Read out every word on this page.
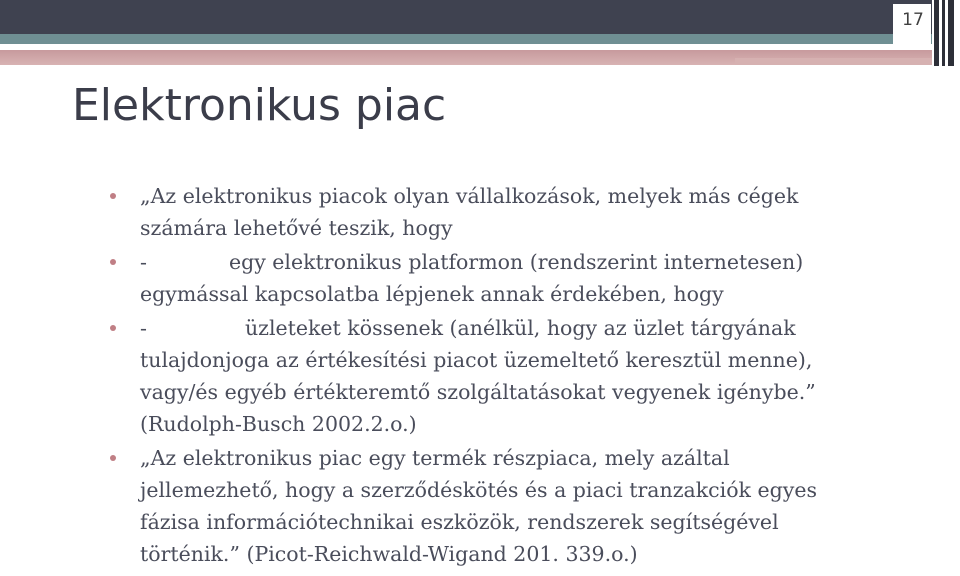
17
Elektronikus piac
„Az elektronikus piacok olyan vállalkozások, melyek más cégek
számára lehetővé teszik, hogy
-	egy elektronikus platformon (rendszerint internetesen)
egymással kapcsolatba lépjenek annak érdekében, hogy
-	üzleteket kössenek (anélkül, hogy az üzlet tárgyának
tulajdonjoga az értékesítési piacot üzemeltető keresztül menne),
vagy/és egyéb értékteremtő szolgáltatásokat vegyenek igénybe.”
(Rudolph-Busch 2002.2.o.)
„Az elektronikus piac egy termék részpiaca, mely azáltal
jellemezhető, hogy a szerződéskötés és a piaci tranzakciók egyes
fázisa információtechnikai eszközök, rendszerek segítségével
történik.” (Picot-Reichwald-Wigand 201. 339.o.)
